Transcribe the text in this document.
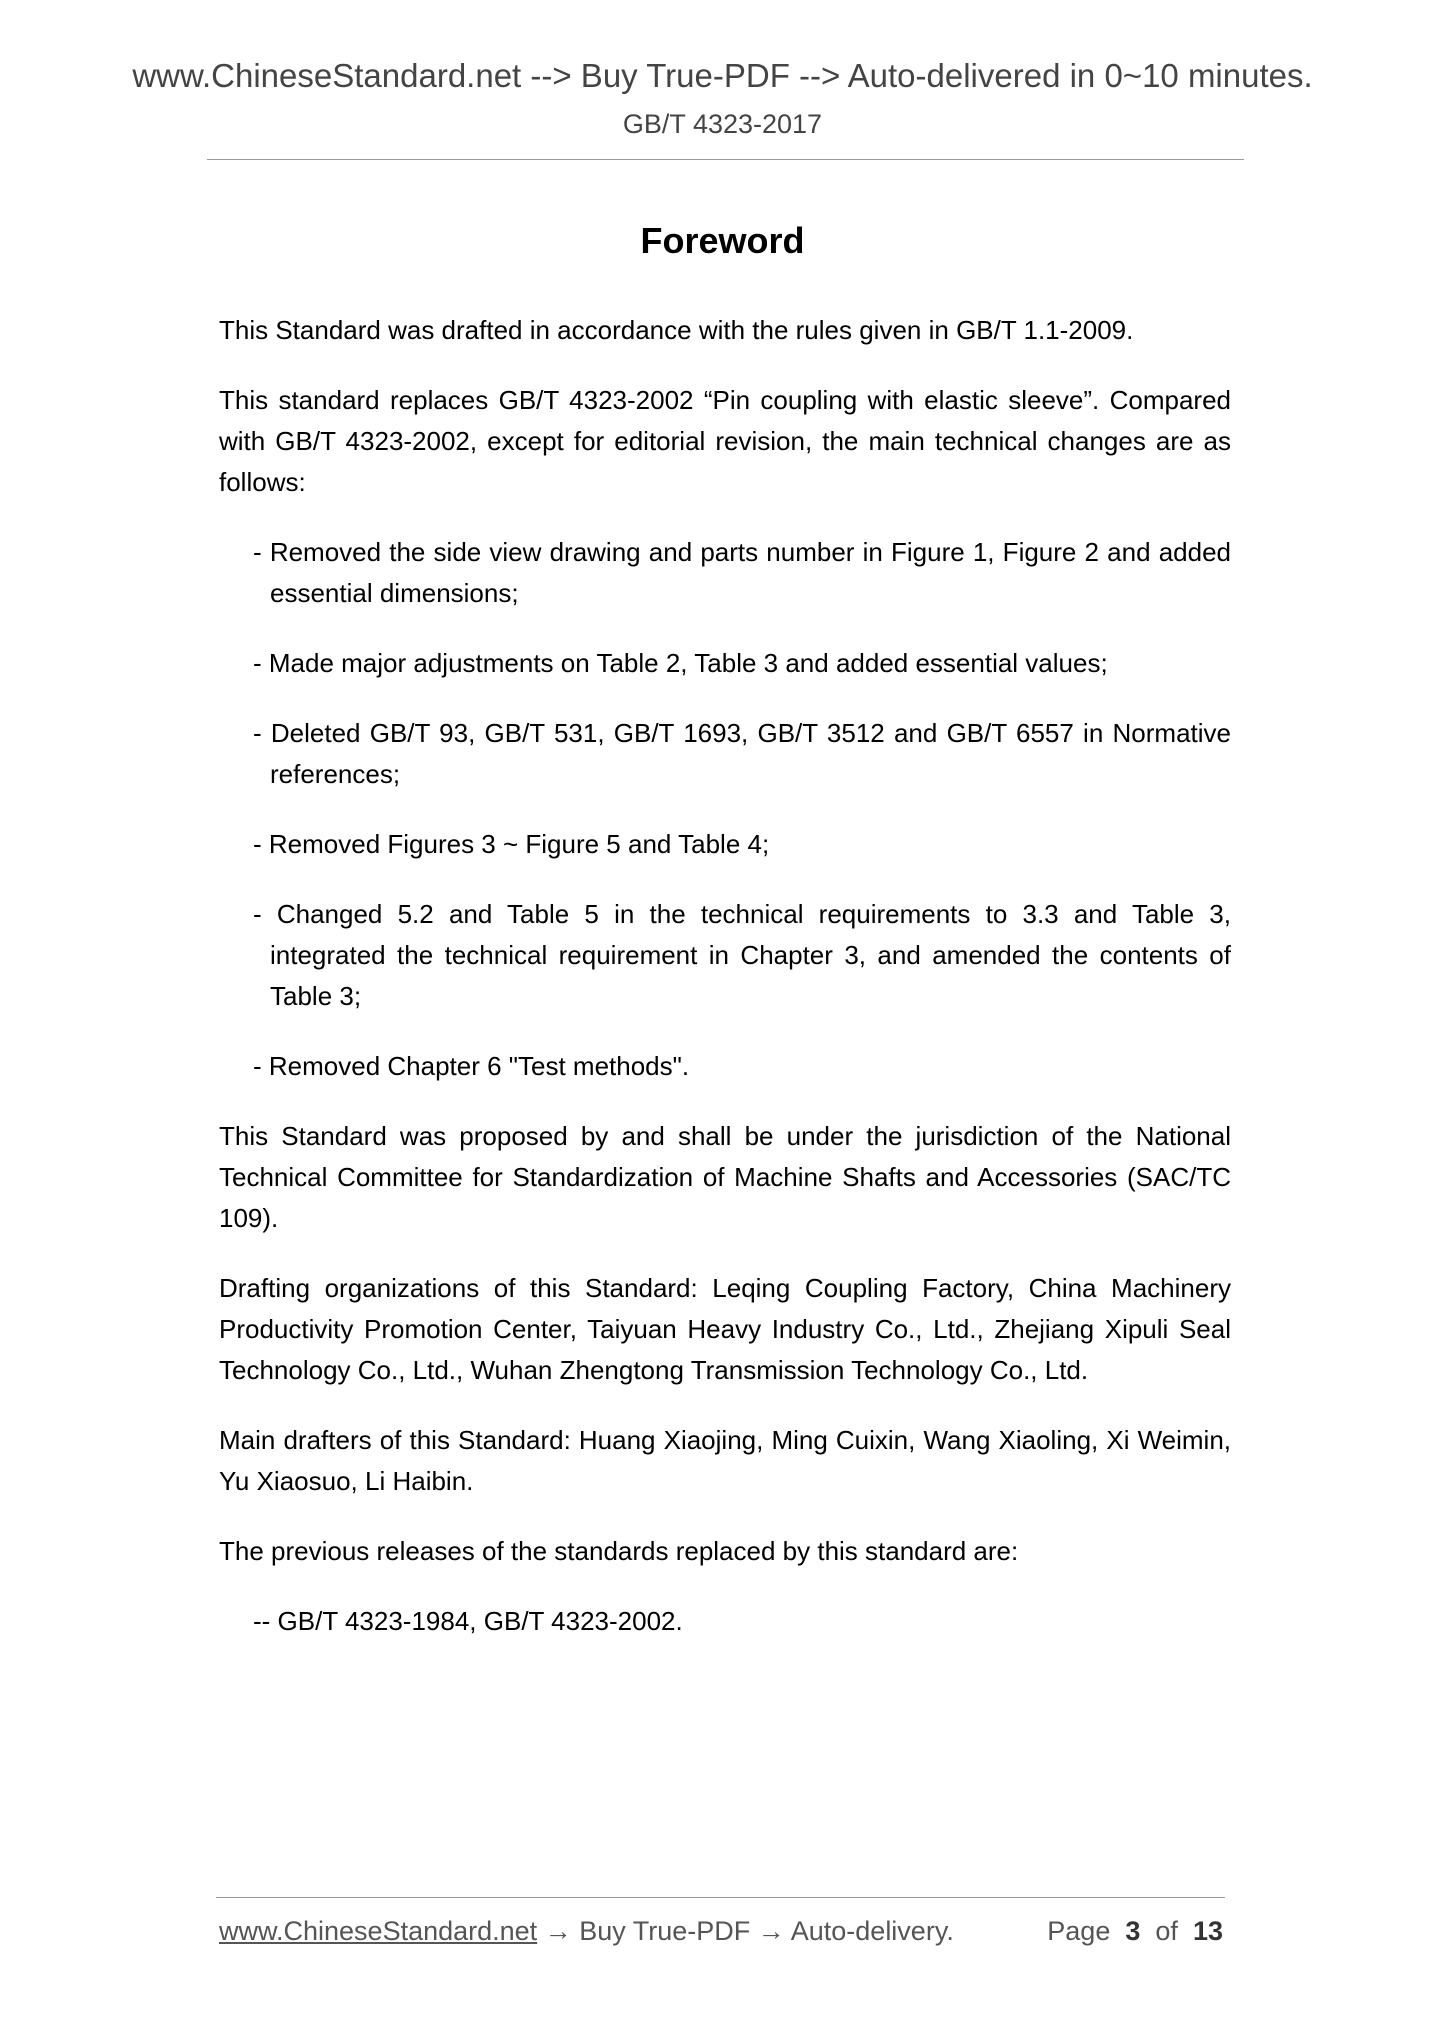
www.ChineseStandard.net --> Buy True-PDF --> Auto-delivered in 0~10 minutes.
GB/T 4323-2017
Foreword

This Standard was drafted in accordance with the rules given in GB/T 1.1-2009.

This standard replaces GB/T 4323-2002 “Pin coupling with elastic sleeve”. Compared with GB/T 4323-2002, except for editorial revision, the main technical changes are as follows:

- Removed the side view drawing and parts number in Figure 1, Figure 2 and added essential dimensions;

- Made major adjustments on Table 2, Table 3 and added essential values;

- Deleted GB/T 93, GB/T 531, GB/T 1693, GB/T 3512 and GB/T 6557 in Normative references;

- Removed Figures 3 ~ Figure 5 and Table 4;

- Changed 5.2 and Table 5 in the technical requirements to 3.3 and Table 3, integrated the technical requirement in Chapter 3, and amended the contents of Table 3;

- Removed Chapter 6 "Test methods".

This Standard was proposed by and shall be under the jurisdiction of the National Technical Committee for Standardization of Machine Shafts and Accessories (SAC/TC 109).

Drafting organizations of this Standard: Leqing Coupling Factory, China Machinery Productivity Promotion Center, Taiyuan Heavy Industry Co., Ltd., Zhejiang Xipuli Seal Technology Co., Ltd., Wuhan Zhengtong Transmission Technology Co., Ltd.

Main drafters of this Standard: Huang Xiaojing, Ming Cuixin, Wang Xiaoling, Xi Weimin, Yu Xiaosuo, Li Haibin.

The previous releases of the standards replaced by this standard are:

-- GB/T 4323-1984, GB/T 4323-2002.

www.ChineseStandard.net → Buy True-PDF → Auto-delivery.	Page 3 of 13
